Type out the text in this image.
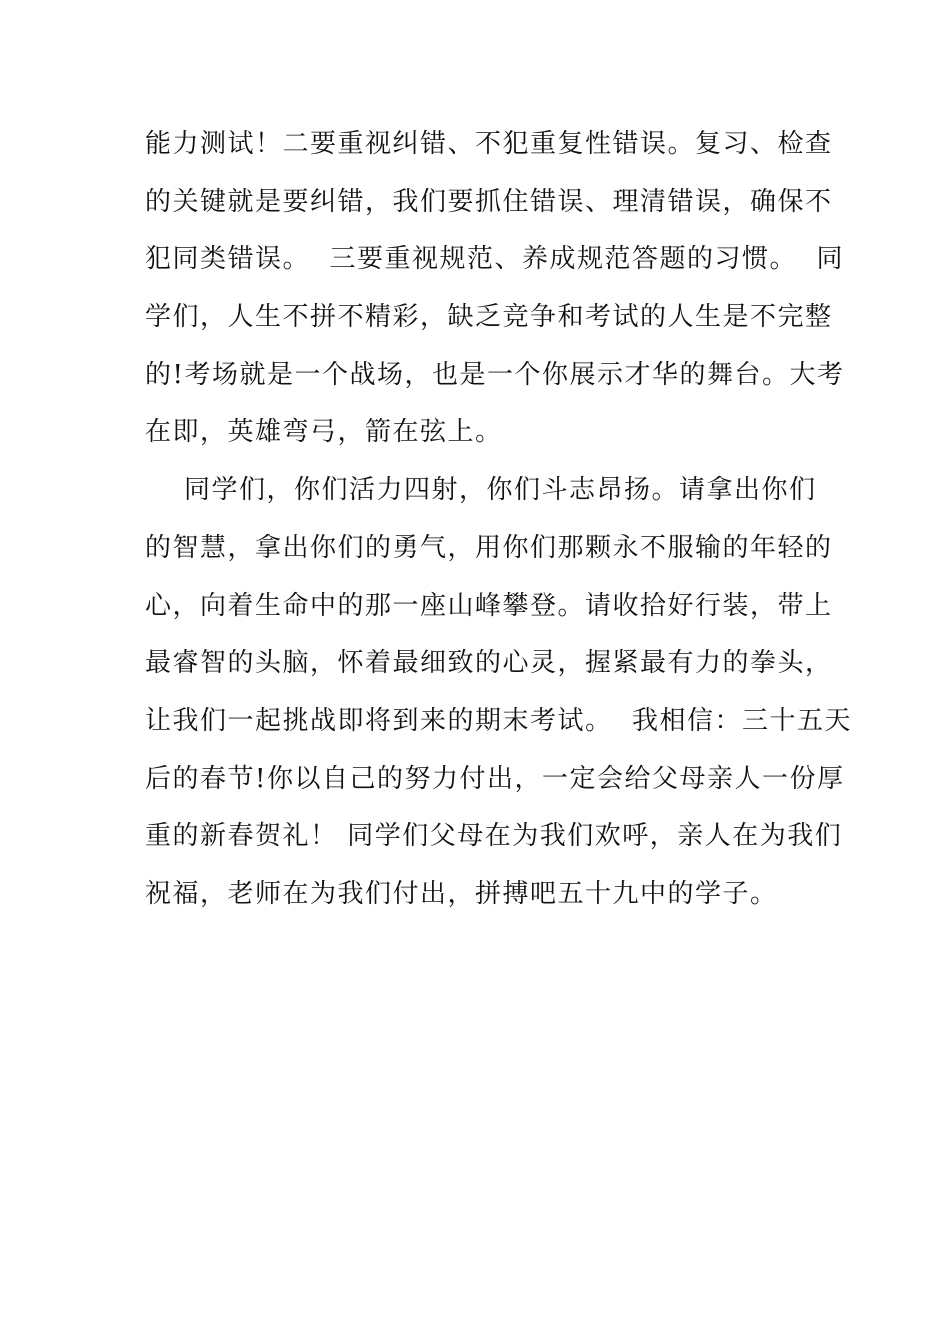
能力测试！二要重视纠错、不犯重复性错误。复习、检查
的关键就是要纠错，我们要抓住错误、理清错误，确保不
犯同类错误。  三要重视规范、养成规范答题的习惯。  同
学们，人生不拼不精彩，缺乏竞争和考试的人生是不完整
的!考场就是一个战场，也是一个你展示才华的舞台。大考
在即，英雄弯弓，箭在弦上。
同学们，你们活力四射，你们斗志昂扬。请拿出你们
的智慧，拿出你们的勇气，用你们那颗永不服输的年轻的
心，向着生命中的那一座山峰攀登。请收拾好行装，带上
最睿智的头脑，怀着最细致的心灵，握紧最有力的拳头，
让我们一起挑战即将到来的期末考试。  我相信：三十五天
后的春节!你以自己的努力付出，一定会给父母亲人一份厚
重的新春贺礼！ 同学们父母在为我们欢呼，亲人在为我们
祝福，老师在为我们付出，拼搏吧五十九中的学子。
